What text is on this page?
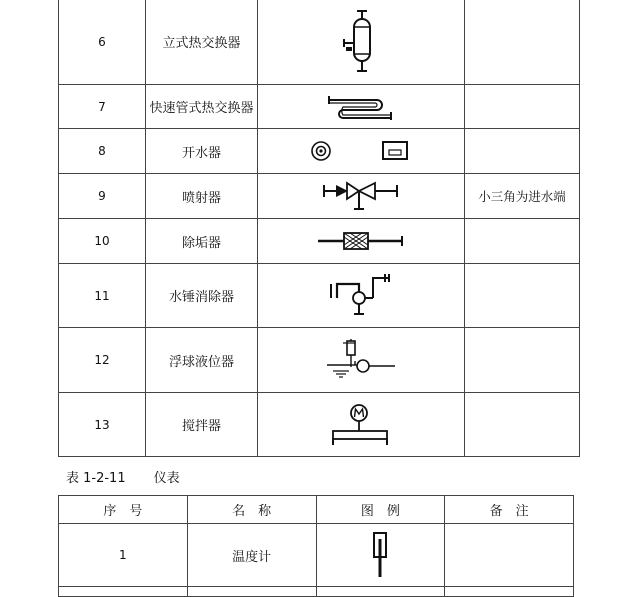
6	立式热交换器	

7	快速管式热交换器	

8	开水器	

9	喷射器		小三角为进水端
10	除垢器	

11	水锤消除器	

12	浮球液位器	

13	搅拌器	

表 1-2-11 仪表
序　号	名　称	图　例	备　注
1	温度计	
